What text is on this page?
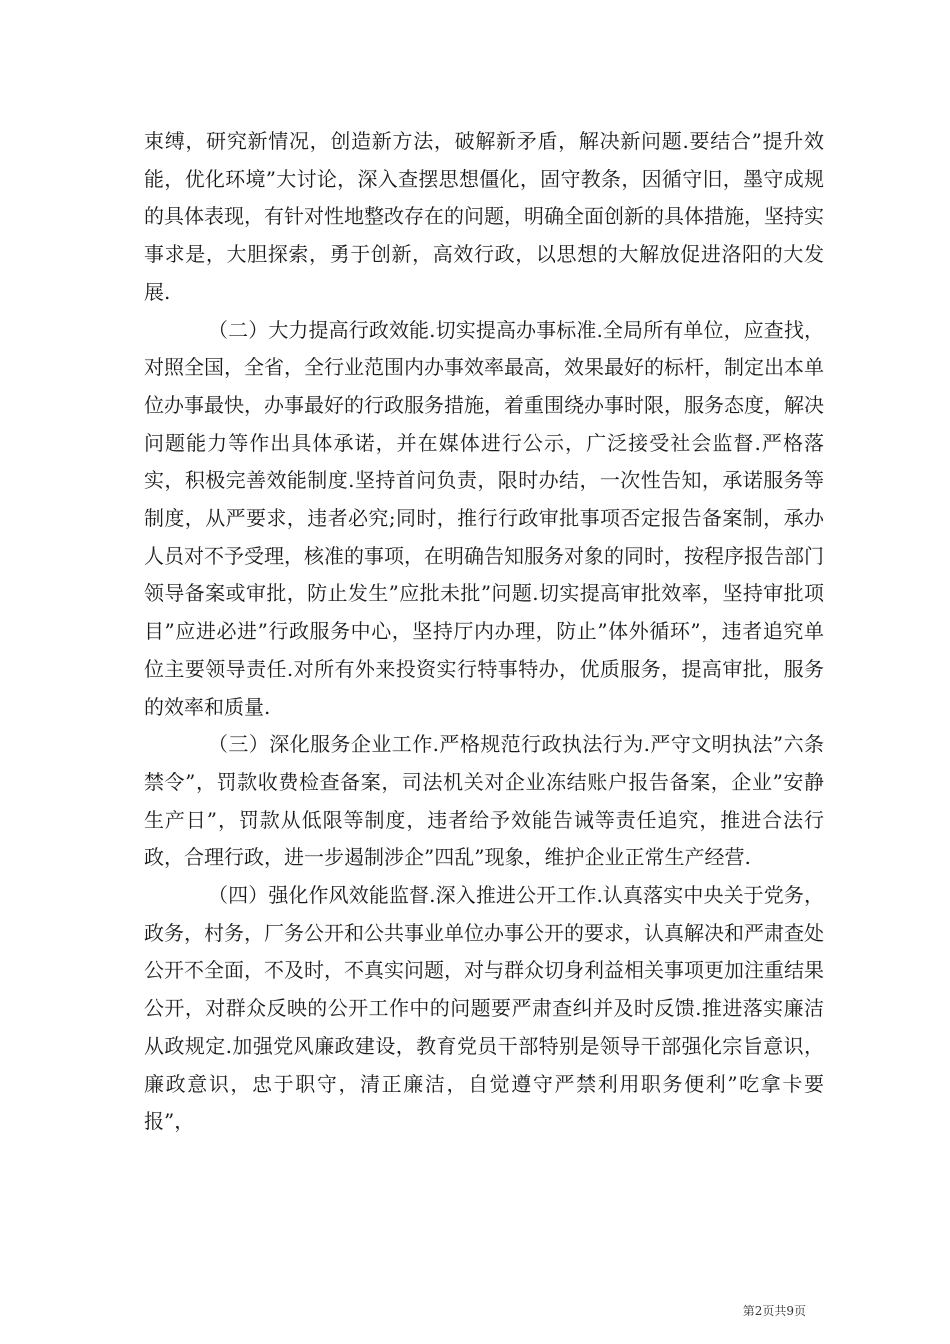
束缚，研究新情况，创造新方法，破解新矛盾，解决新问题.要结合”提升效能，优化环境”大讨论，深入查摆思想僵化，固守教条，因循守旧，墨守成规的具体表现，有针对性地整改存在的问题，明确全面创新的具体措施，坚持实事求是，大胆探索，勇于创新，高效行政，以思想的大解放促进洛阳的大发展.

（二）大力提高行政效能.切实提高办事标准.全局所有单位，应查找，对照全国，全省，全行业范围内办事效率最高，效果最好的标杆，制定出本单位办事最快，办事最好的行政服务措施，着重围绕办事时限，服务态度，解决问题能力等作出具体承诺，并在媒体进行公示，广泛接受社会监督.严格落实，积极完善效能制度.坚持首问负责，限时办结，一次性告知，承诺服务等制度，从严要求，违者必究;同时，推行行政审批事项否定报告备案制，承办人员对不予受理，核准的事项，在明确告知服务对象的同时，按程序报告部门领导备案或审批，防止发生”应批未批”问题.切实提高审批效率，坚持审批项目”应进必进”行政服务中心，坚持厅内办理，防止”体外循环”，违者追究单位主要领导责任.对所有外来投资实行特事特办，优质服务，提高审批，服务的效率和质量.

（三）深化服务企业工作.严格规范行政执法行为.严守文明执法”六条禁令”，罚款收费检查备案，司法机关对企业冻结账户报告备案，企业”安静生产日”，罚款从低限等制度，违者给予效能告诫等责任追究，推进合法行政，合理行政，进一步遏制涉企”四乱”现象，维护企业正常生产经营.

（四）强化作风效能监督.深入推进公开工作.认真落实中央关于党务，政务，村务，厂务公开和公共事业单位办事公开的要求，认真解决和严肃查处公开不全面，不及时，不真实问题，对与群众切身利益相关事项更加注重结果公开，对群众反映的公开工作中的问题要严肃查纠并及时反馈.推进落实廉洁从政规定.加强党风廉政建设，教育党员干部特别是领导干部强化宗旨意识，廉政意识，忠于职守，清正廉洁，自觉遵守严禁利用职务便利”吃拿卡要报”，

第2页共9页
